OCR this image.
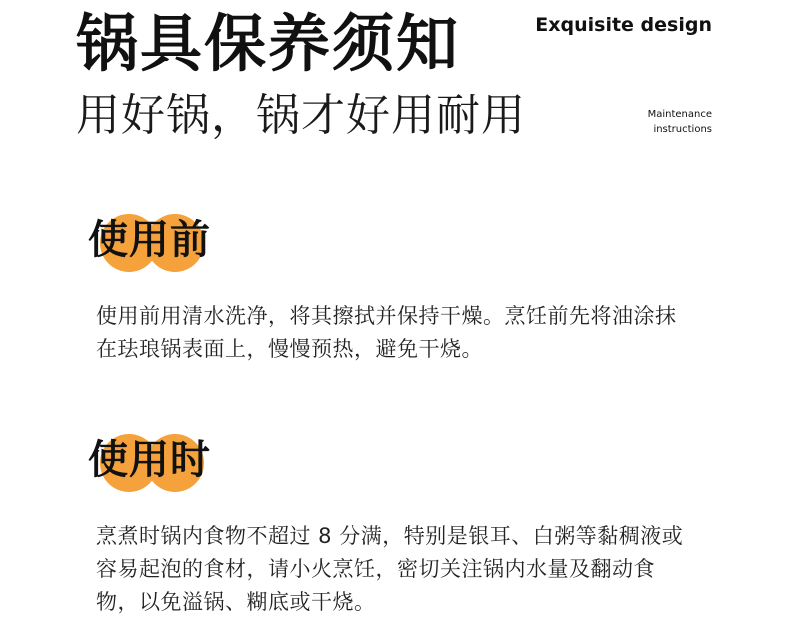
锅具保养须知
用好锅，锅才好用耐用
Exquisite design
Maintenance
instructions
使用前
使用前用清水洗净，将其擦拭并保持干燥。烹饪前先将油涂抹在珐琅锅表面上，慢慢预热，避免干烧。
使用时
烹煮时锅内食物不超过 8 分满，特别是银耳、白粥等黏稠液或容易起泡的食材，请小火烹饪，密切关注锅内水量及翻动食物，以免溢锅、糊底或干烧。
